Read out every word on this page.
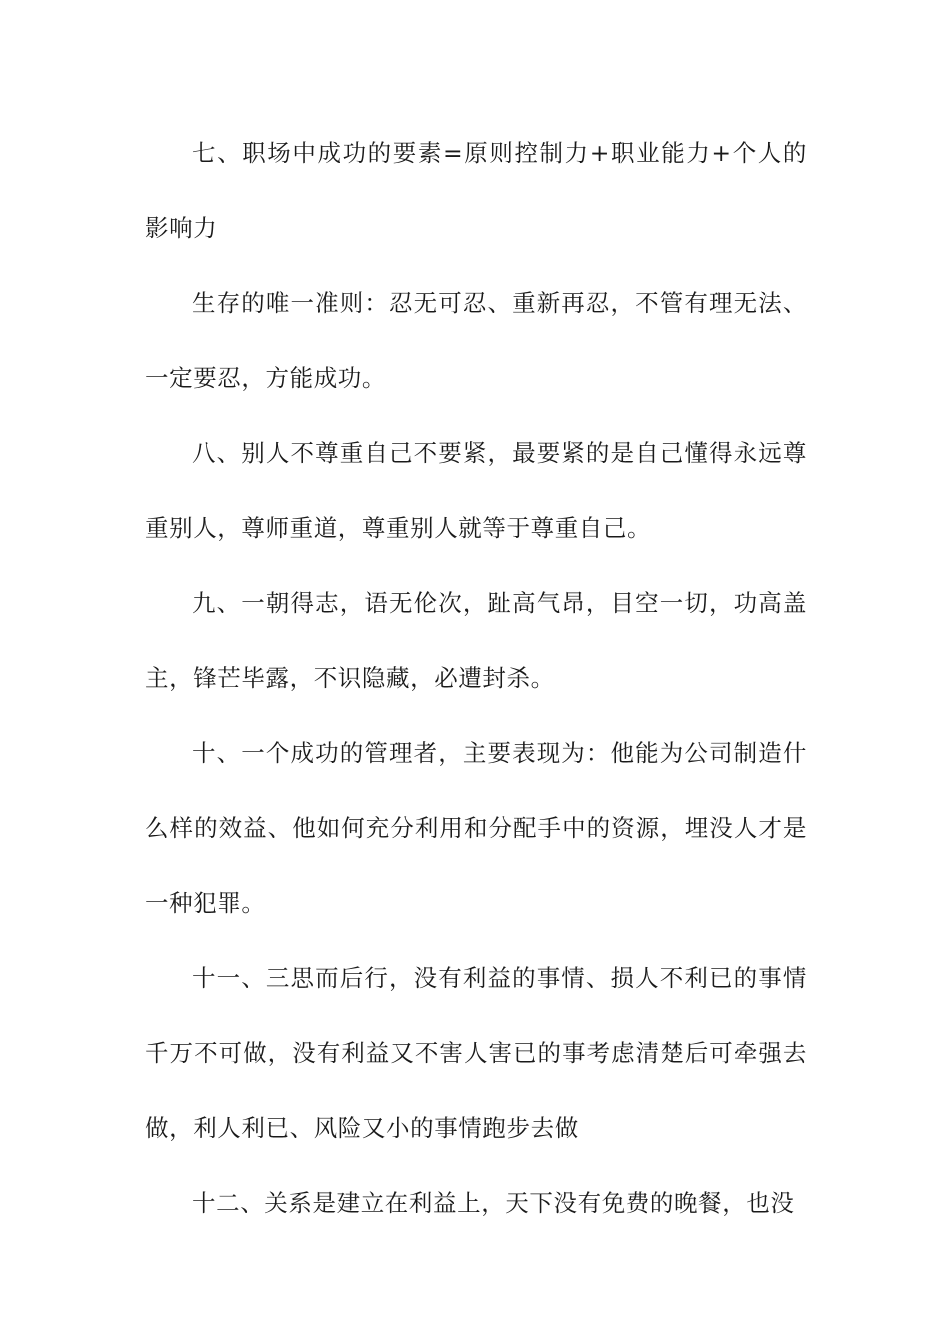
七、职场中成功的要素=原则控制力+职业能力+个人的影响力

生存的唯一准则：忍无可忍、重新再忍，不管有理无法、一定要忍，方能成功。

八、别人不尊重自己不要紧，最要紧的是自己懂得永远尊重别人，尊师重道，尊重别人就等于尊重自己。

九、一朝得志，语无伦次，趾高气昂，目空一切，功高盖主，锋芒毕露，不识隐藏，必遭封杀。

十、一个成功的管理者，主要表现为：他能为公司制造什么样的效益、他如何充分利用和分配手中的资源，埋没人才是一种犯罪。

十一、三思而后行，没有利益的事情、损人不利已的事情千万不可做，没有利益又不害人害已的事考虑清楚后可牵强去做，利人利已、风险又小的事情跑步去做

十二、关系是建立在利益上，天下没有免费的晚餐，也没
